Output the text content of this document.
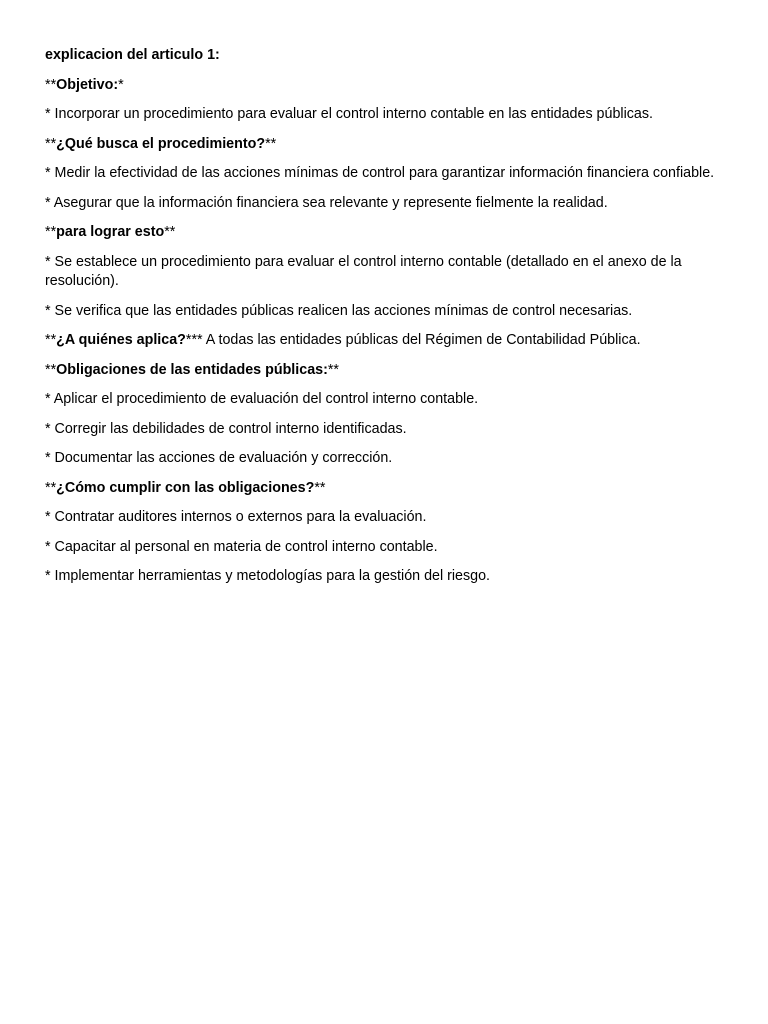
explicacion del articulo 1:

**Objetivo:*

* Incorporar un procedimiento para evaluar el control interno contable en las entidades públicas.

**¿Qué busca el procedimiento?**

* Medir la efectividad de las acciones mínimas de control para garantizar información financiera confiable.

* Asegurar que la información financiera sea relevante y represente fielmente la realidad.

**para lograr esto**

* Se establece un procedimiento para evaluar el control interno contable (detallado en el anexo de la resolución).

* Se verifica que las entidades públicas realicen las acciones mínimas de control necesarias.

**¿A quiénes aplica?*** A todas las entidades públicas del Régimen de Contabilidad Pública.

**Obligaciones de las entidades públicas:**

* Aplicar el procedimiento de evaluación del control interno contable.

* Corregir las debilidades de control interno identificadas.

* Documentar las acciones de evaluación y corrección.

**¿Cómo cumplir con las obligaciones?**

* Contratar auditores internos o externos para la evaluación.

* Capacitar al personal en materia de control interno contable.

* Implementar herramientas y metodologías para la gestión del riesgo.
